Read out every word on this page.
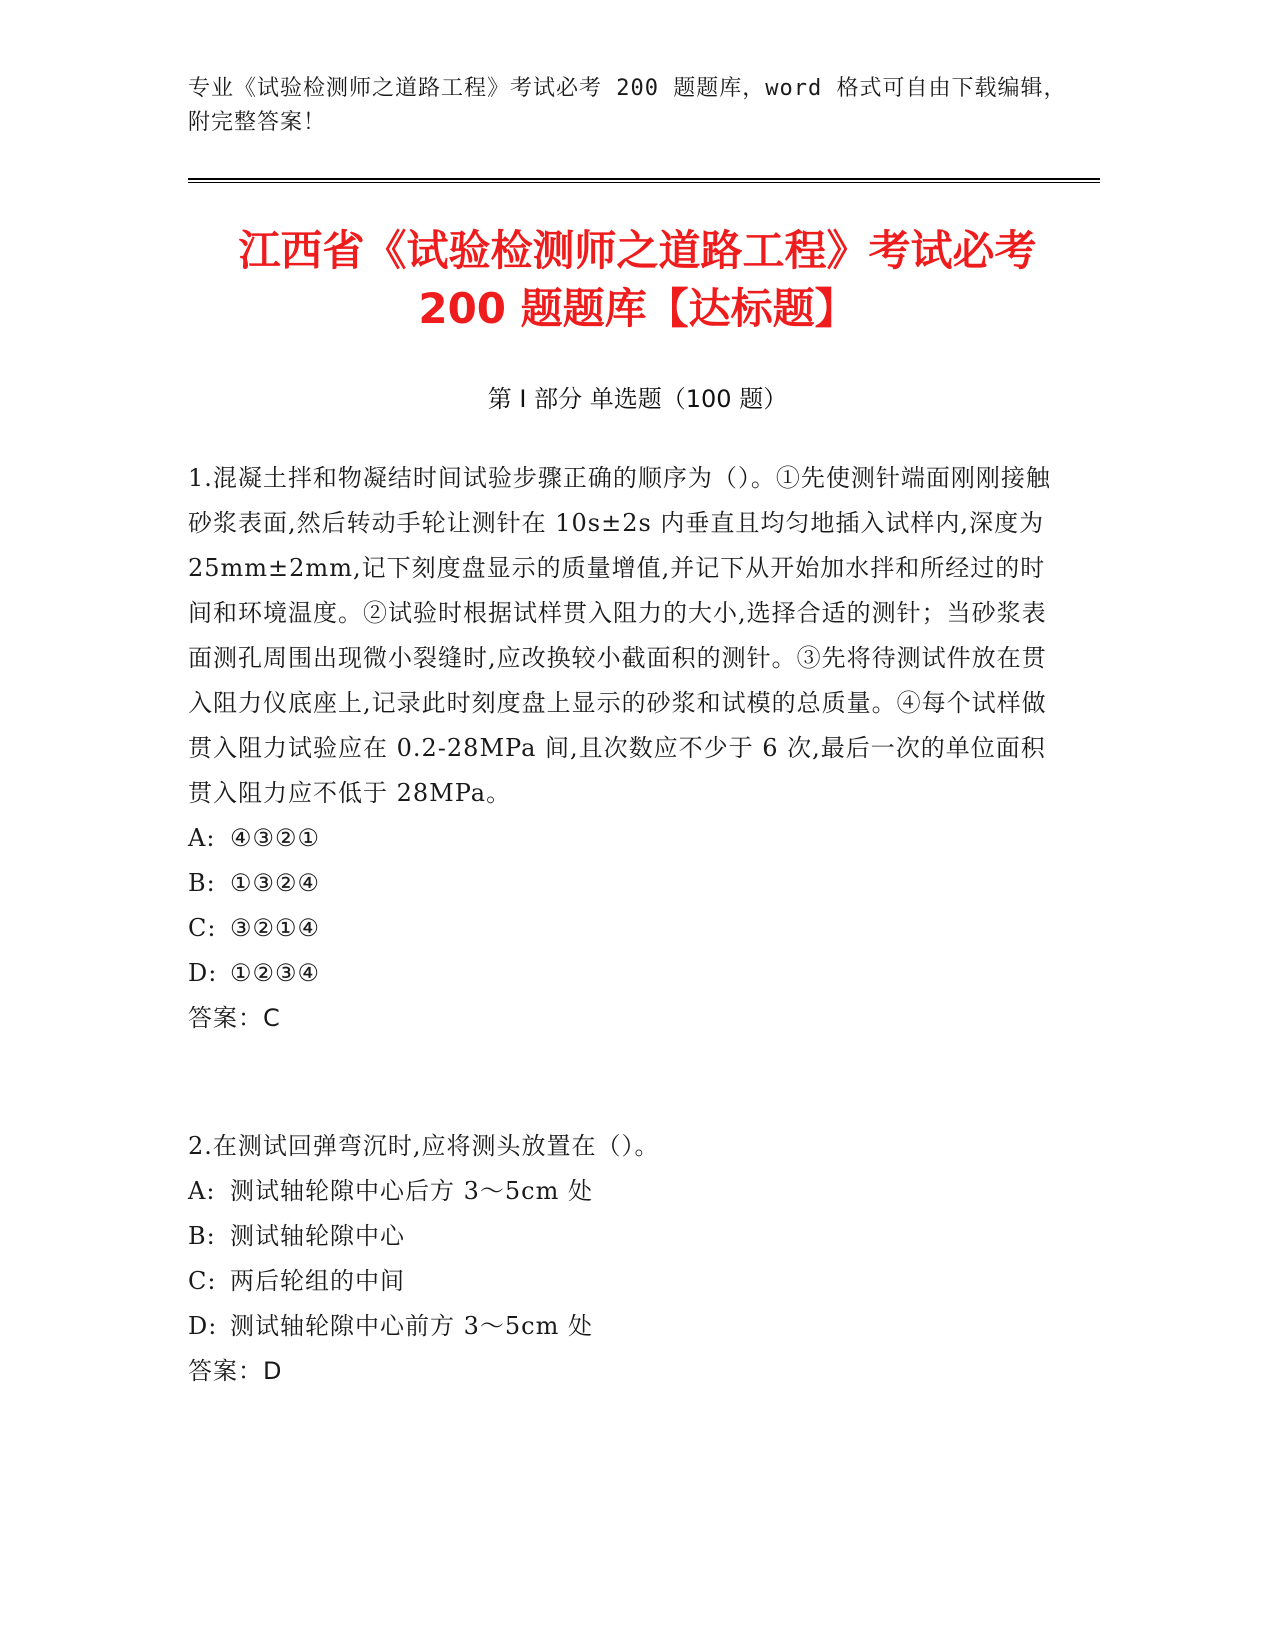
专业《试验检测师之道路工程》考试必考 200 题题库，word 格式可自由下载编辑，附完整答案！
江西省《试验检测师之道路工程》考试必考
200 题题库【达标题】
第 I 部分 单选题（100 题）

1.混凝土拌和物凝结时间试验步骤正确的顺序为（）。①先使测针端面刚刚接触砂浆表面,然后转动手轮让测针在 10s±2s 内垂直且均匀地插入试样内,深度为 25mm±2mm,记下刻度盘显示的质量增值,并记下从开始加水拌和所经过的时间和环境温度。②试验时根据试样贯入阻力的大小,选择合适的测针；当砂浆表面测孔周围出现微小裂缝时,应改换较小截面积的测针。③先将待测试件放在贯入阻力仪底座上,记录此时刻度盘上显示的砂浆和试模的总质量。④每个试样做贯入阻力试验应在 0.2-28MPa 间,且次数应不少于 6 次,最后一次的单位面积贯入阻力应不低于 28MPa。

A: ④③②①

B: ①③②④

C: ③②①④

D: ①②③④

答案：C

2.在测试回弹弯沉时,应将测头放置在（）。

A: 测试轴轮隙中心后方 3～5cm 处

B: 测试轴轮隙中心

C: 两后轮组的中间

D: 测试轴轮隙中心前方 3～5cm 处

答案：D
